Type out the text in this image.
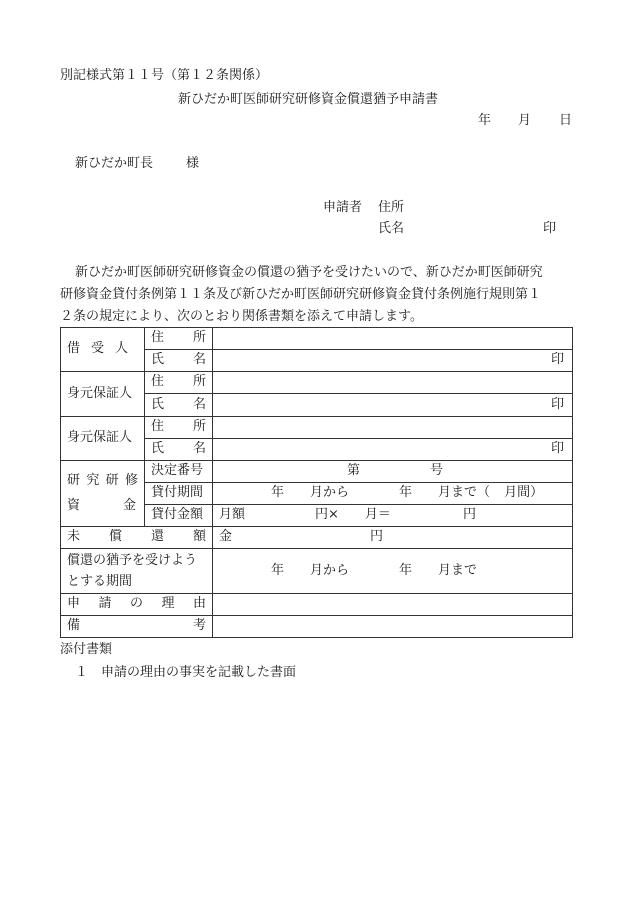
別記様式第１１号（第１２条関係）
新ひだか町医師研究研修資金償還猶予申請書
年 月 日
新ひだか町長	様
申請者 住所
氏名	印
新ひだか町医師研究研修資金の償還の猶予を受けたいので、新ひだか町医師研究
研修資金貸付条例第１１条及び新ひだか町医師研究研修資金貸付条例施行規則第１
２条の規定により、次のとおり関係書類を添えて申請します。
借受人	住所	
	氏名	印
身元保証人	住所	
	氏名	印
身元保証人	住所	
	氏名	印

研究研修
資金	決定番号	第 号
	貸付期間	年 月から 年 月まで（ 月間）
	貸付金額	月額 円× 月＝ 円
未償還額		金 円
償還の猶予を受けようとする期間		年 月から 年 月まで
申請の理由		
備考		
添付書類
１ 申請の理由の事実を記載した書面
